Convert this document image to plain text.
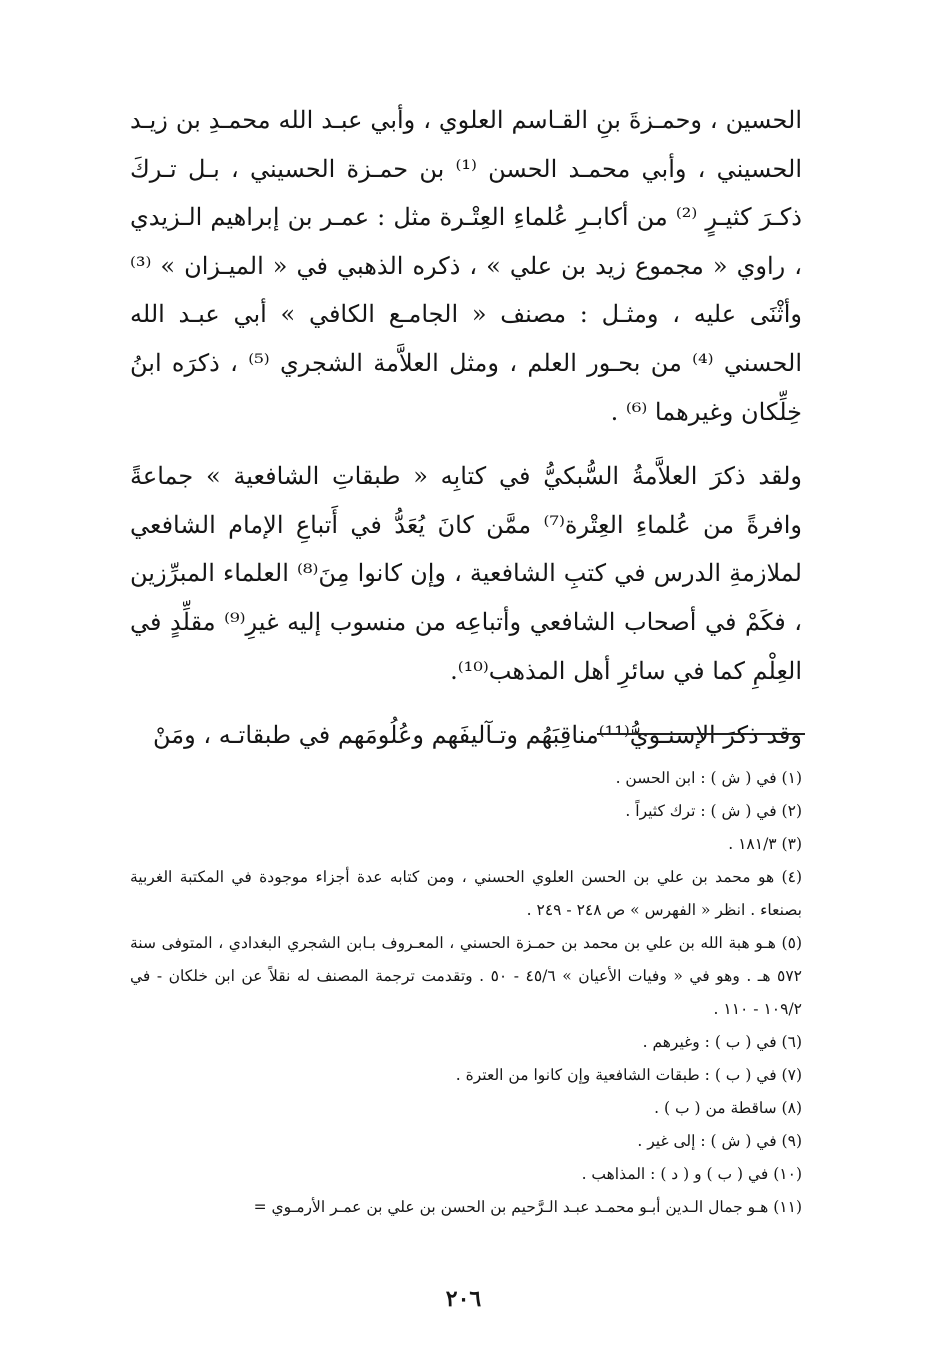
الحسين ، وحمـزةَ بنِ القـاسم العلوي ، وأبي عبـد الله محمـدِ بن زيـد الحسيني ، وأبي محمـد الحسن ⁽¹⁾ بن حمـزة الحسيني ، بـل تـركَ ذكـرَ كثيـرٍ ⁽²⁾ من أكابـرِ عُلماءِ العِتْـرة مثل : عمـر بن إبراهيم الـزيدي ، راوي « مجموع زيد بن علي » ، ذكره الذهبي في « الميـزان » ⁽³⁾ وأثْنَى عليه ، ومثـل : مصنف « الجامـع الكافي » أبي عبـد الله الحسني ⁽⁴⁾ من بحـور العلم ، ومثل العلاَّمة الشجري ⁽⁵⁾ ، ذكرَه ابنُ خِلِّكان وغيرهما ⁽⁶⁾ .

ولقد ذكرَ العلاَّمةُ السُّبكيُّ في كتابِه « طبقاتِ الشافعية » جماعةً وافرةً من عُلماءِ العِتْرة⁽⁷⁾ ممَّن كانَ يُعَدُّ في أَتباعِ الإمام الشافعي لملازمةِ الدرس في كتبِ الشافعية ، وإن كانوا مِنَ⁽⁸⁾ العلماء المبرِّزين ، فكَمْ في أصحاب الشافعي وأتباعِه من منسوب إليه غيرِ⁽⁹⁾ مقلِّدٍ في العِلْمِ كما في سائرِ أهل المذهب⁽¹⁰⁾.

وقد ذكرَ الإسنـويُّ⁽¹¹⁾مناقِبَهُم وتـآليفَهم وعُلُومَهم في طبقاتـه ، ومَنْ

(١) في ( ش ) : ابن الحسن .
(٢) في ( ش ) : ترك كثيراً .
(٣) ١٨١/٣ .
(٤) هو محمد بن علي بن الحسن العلوي الحسني ، ومن كتابه عدة أجزاء موجودة في المكتبة الغربية بصنعاء . انظر « الفهرس » ص ٢٤٨ - ٢٤٩ .
(٥) هـو هبة الله بن علي بن محمد بن حمـزة الحسني ، المعـروف بـابن الشجري البغدادي ، المتوفى سنة ٥٧٢ هـ . وهو في « وفيات الأعيان » ٤٥/٦ - ٥٠ . وتقدمت ترجمة المصنف له نقلاً عن ابن خلكان - في ١٠٩/٢ - ١١٠ .
(٦) في ( ب ) : وغيرهم .
(٧) في ( ب ) : طبقات الشافعية وإن كانوا من العترة .
(٨) ساقطة من ( ب ) .
(٩) في ( ش ) : إلى غير .
(١٠) في ( ب ) و ( د ) : المذاهب .
(١١) هـو جمال الـدين أبـو محمـد عبـد الـرَّحيم بن الحسن بن علي بن عمـر الأرمـوي =
٢٠٦
